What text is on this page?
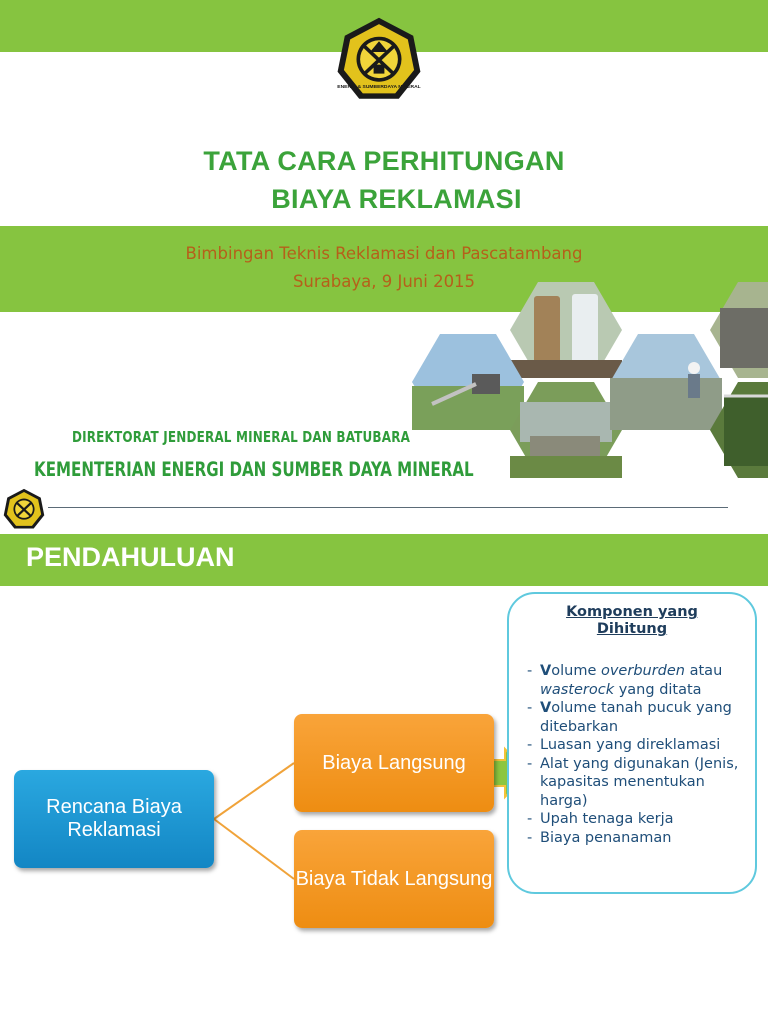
ENERGI & SUMBERDAYA MINERAL
TATA CARA PERHITUNGAN
BIAYA REKLAMASI
Bimbingan Teknis Reklamasi dan Pascatambang
Surabaya, 9 Juni 2015
DIREKTORAT JENDERAL MINERAL DAN BATUBARA
KEMENTERIAN ENERGI DAN SUMBER DAYA MINERAL
PENDAHULUAN
Rencana Biaya Reklamasi
Biaya Langsung
Biaya Tidak Langsung
Komponen yang
Dihitung
- Volume overburden atau wasterock yang ditata
- Volume tanah pucuk yang ditebarkan
- Luasan yang direklamasi
- Alat yang digunakan (Jenis, kapasitas menentukan harga)
- Upah tenaga kerja
- Biaya penanaman
